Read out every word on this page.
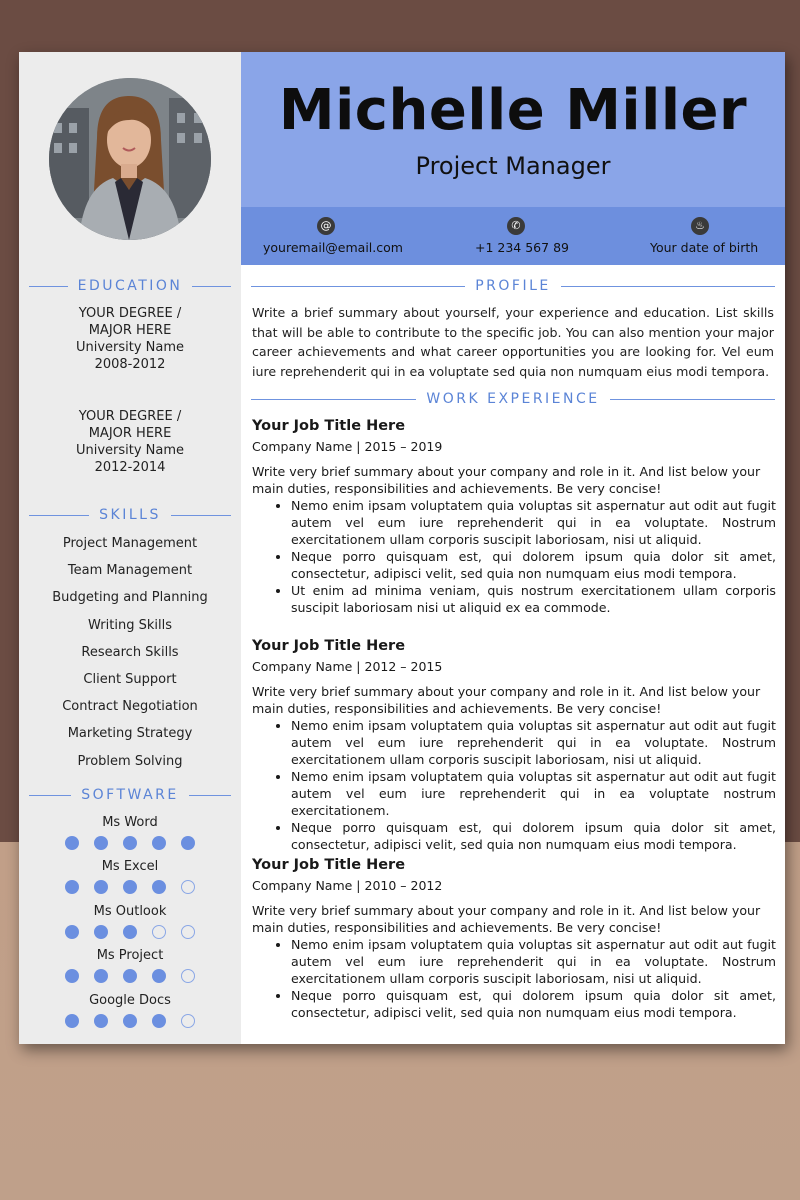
EDUCATION
YOUR DEGREE /
MAJOR HERE
University Name
2008-2012
YOUR DEGREE /
MAJOR HERE
University Name
2012-2014
SKILLS
Project Management
Team Management
Budgeting and Planning
Writing Skills
Research Skills
Client Support
Contract Negotiation
Marketing Strategy
Problem Solving
SOFTWARE
Ms Word
Ms Excel
Ms Outlook
Ms Project
Google Docs
Michelle Miller
Project Manager
@
youremail@email.com
✆
+1 234 567 89
♨
Your date of birth
PROFILE
Write a brief summary about yourself, your experience and education. List skills that will be able to contribute to the specific job. You can also mention your major career achievements and what career opportunities you are looking for. Vel eum iure reprehenderit qui in ea voluptate sed quia non numquam eius modi tempora.
WORK EXPERIENCE
Your Job Title Here
Company Name | 2015 – 2019
Write very brief summary about your company and role in it. And list below your main duties, responsibilities and achievements. Be very concise!
• Nemo enim ipsam voluptatem quia voluptas sit aspernatur aut odit aut fugit autem vel eum iure reprehenderit qui in ea voluptate. Nostrum exercitationem ullam corporis suscipit laboriosam, nisi ut aliquid.
• Neque porro quisquam est, qui dolorem ipsum quia dolor sit amet, consectetur, adipisci velit, sed quia non numquam eius modi tempora.
• Ut enim ad minima veniam, quis nostrum exercitationem ullam corporis suscipit laboriosam nisi ut aliquid ex ea commode.
Your Job Title Here
Company Name | 2012 – 2015
Write very brief summary about your company and role in it. And list below your main duties, responsibilities and achievements. Be very concise!
• Nemo enim ipsam voluptatem quia voluptas sit aspernatur aut odit aut fugit autem vel eum iure reprehenderit qui in ea voluptate. Nostrum exercitationem ullam corporis suscipit laboriosam, nisi ut aliquid.
• Nemo enim ipsam voluptatem quia voluptas sit aspernatur aut odit aut fugit autem vel eum iure reprehenderit qui in ea voluptate nostrum exercitationem.
• Neque porro quisquam est, qui dolorem ipsum quia dolor sit amet, consectetur, adipisci velit, sed quia non numquam eius modi tempora.
Your Job Title Here
Company Name | 2010 – 2012
Write very brief summary about your company and role in it. And list below your main duties, responsibilities and achievements. Be very concise!
• Nemo enim ipsam voluptatem quia voluptas sit aspernatur aut odit aut fugit autem vel eum iure reprehenderit qui in ea voluptate. Nostrum exercitationem ullam corporis suscipit laboriosam, nisi ut aliquid.
• Neque porro quisquam est, qui dolorem ipsum quia dolor sit amet, consectetur, adipisci velit, sed quia non numquam eius modi tempora.
